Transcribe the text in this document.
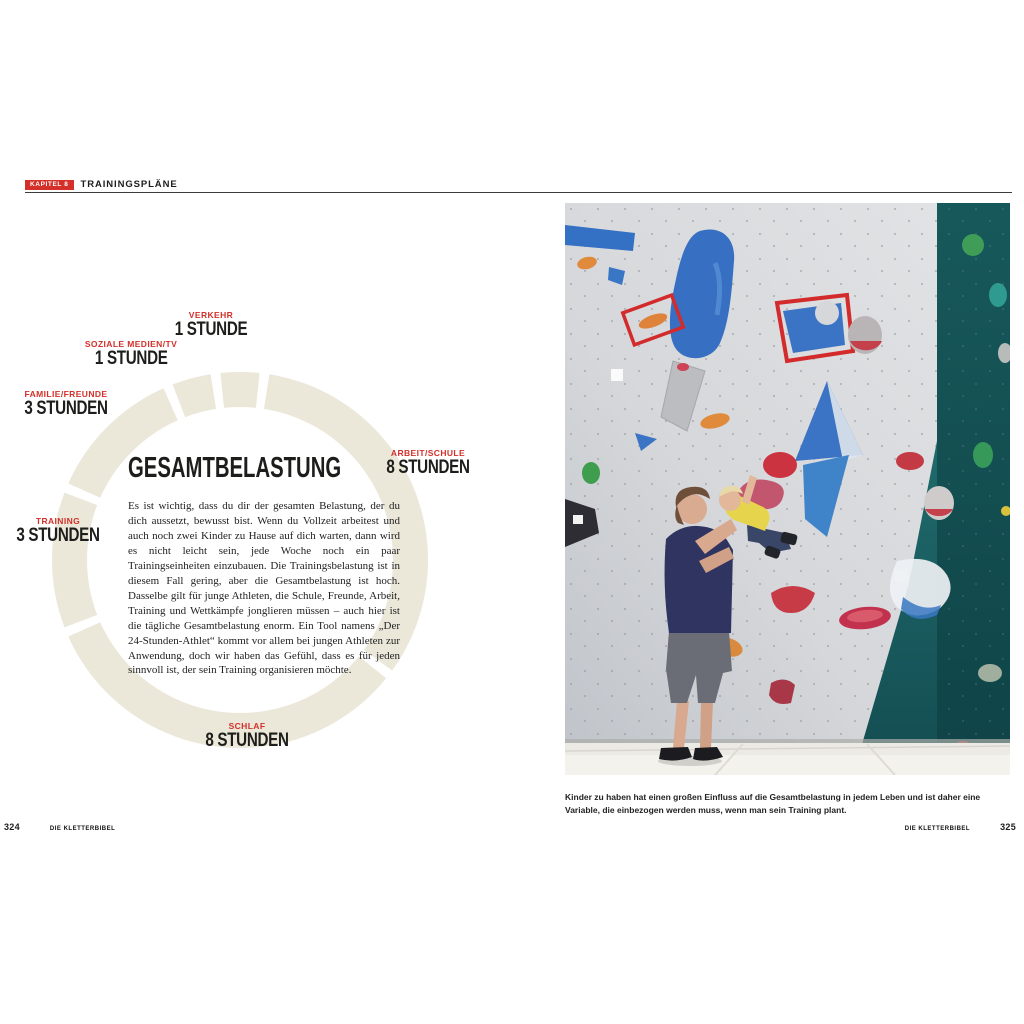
KAPITEL 8	TRAININGSPLÄNE
VERKEHR
1 STUNDE
SOZIALE MEDIEN/TV
1 STUNDE
FAMILIE/FREUNDE
3 STUNDEN
TRAINING
3 STUNDEN
ARBEIT/SCHULE
8 STUNDEN
SCHLAF
8 STUNDEN
GESAMTBELASTUNG

Es ist wichtig, dass du dir der gesamten Belastung, der du dich aussetzt, bewusst bist. Wenn du Vollzeit arbeitest und auch noch zwei Kinder zu Hause auf dich warten, dann wird es nicht leicht sein, jede Woche noch ein paar Trainingseinheiten einzubauen. Die Trainingsbelastung ist in diesem Fall gering, aber die Gesamtbelastung ist hoch. Dasselbe gilt für junge Athleten, die Schule, Freunde, Arbeit, Training und Wettkämpfe jonglieren müssen – auch hier ist die tägliche Gesamtbelastung enorm. Ein Tool namens „Der 24-Stunden-Athlet“ kommt vor allem bei jungen Athleten zur Anwendung, doch wir haben das Gefühl, dass es für jeden sinnvoll ist, der sein Training organisieren möchte.

Kinder zu haben hat einen großen Einfluss auf die Gesamtbelastung in jedem Leben und ist daher eine Variable, die einbezogen werden muss, wenn man sein Training plant.

324	DIE KLETTERBIBEL	DIE KLETTERBIBEL	325
